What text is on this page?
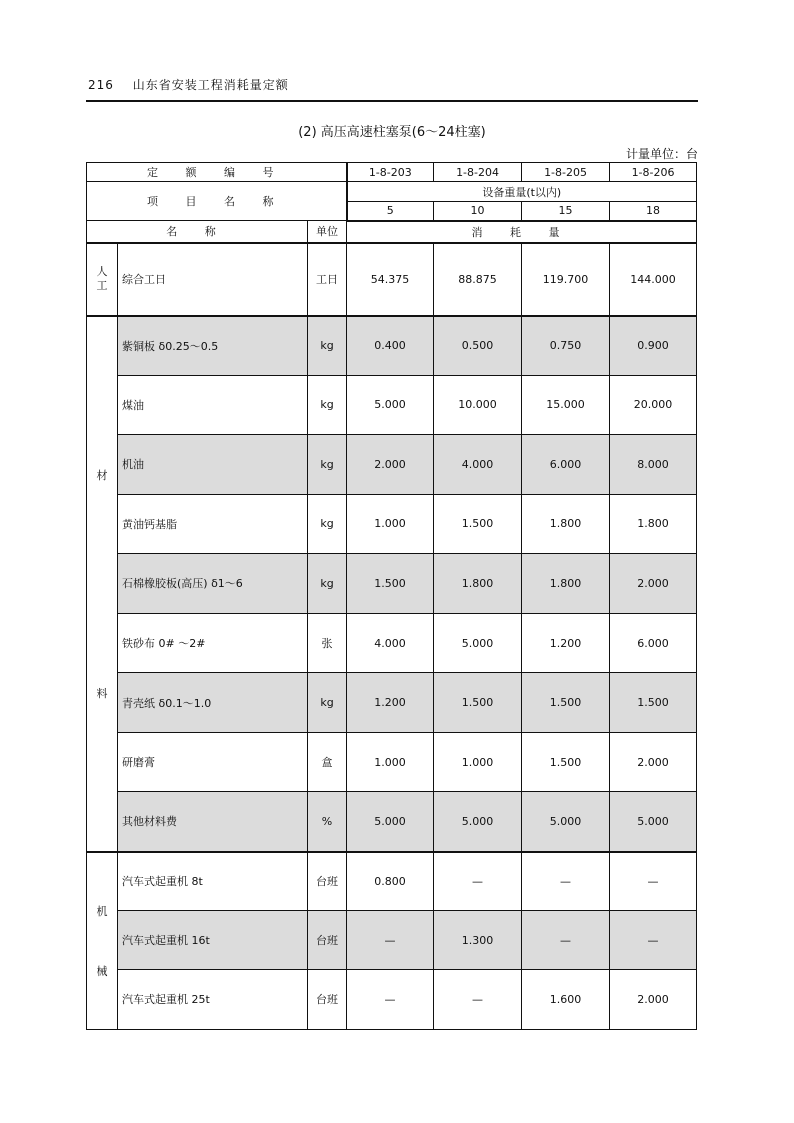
216 山东省安装工程消耗量定额
(2) 高压高速柱塞泵(6～24柱塞)
计量单位：台
定 额 编 号			1-8-203	1-8-204	1-8-205	1-8-206
项 目 名 称			设备重量(t以内)			
			5	10	15	18
名 称		单位	消 耗 量			
人工	综合工日	工日	54.375	88.875	119.700	144.000

材
料	紫铜板 δ0.25～0.5	kg	0.400	0.500	0.750	0.900
	煤油	kg	5.000	10.000	15.000	20.000
	机油	kg	2.000	4.000	6.000	8.000
	黄油钙基脂	kg	1.000	1.500	1.800	1.800
	石棉橡胶板(高压) δ1～6	kg	1.500	1.800	1.800	2.000
	铁砂布 0# ～2#	张	4.000	5.000	1.200	6.000
	青壳纸 δ0.1～1.0	kg	1.200	1.500	1.500	1.500
	研磨膏	盒	1.000	1.000	1.500	2.000
	其他材料费	%	5.000	5.000	5.000	5.000

机
械	汽车式起重机 8t	台班	0.800	—	—	—
	汽车式起重机 16t	台班	—	1.300	—	—
	汽车式起重机 25t	台班	—	—	1.600	2.000
